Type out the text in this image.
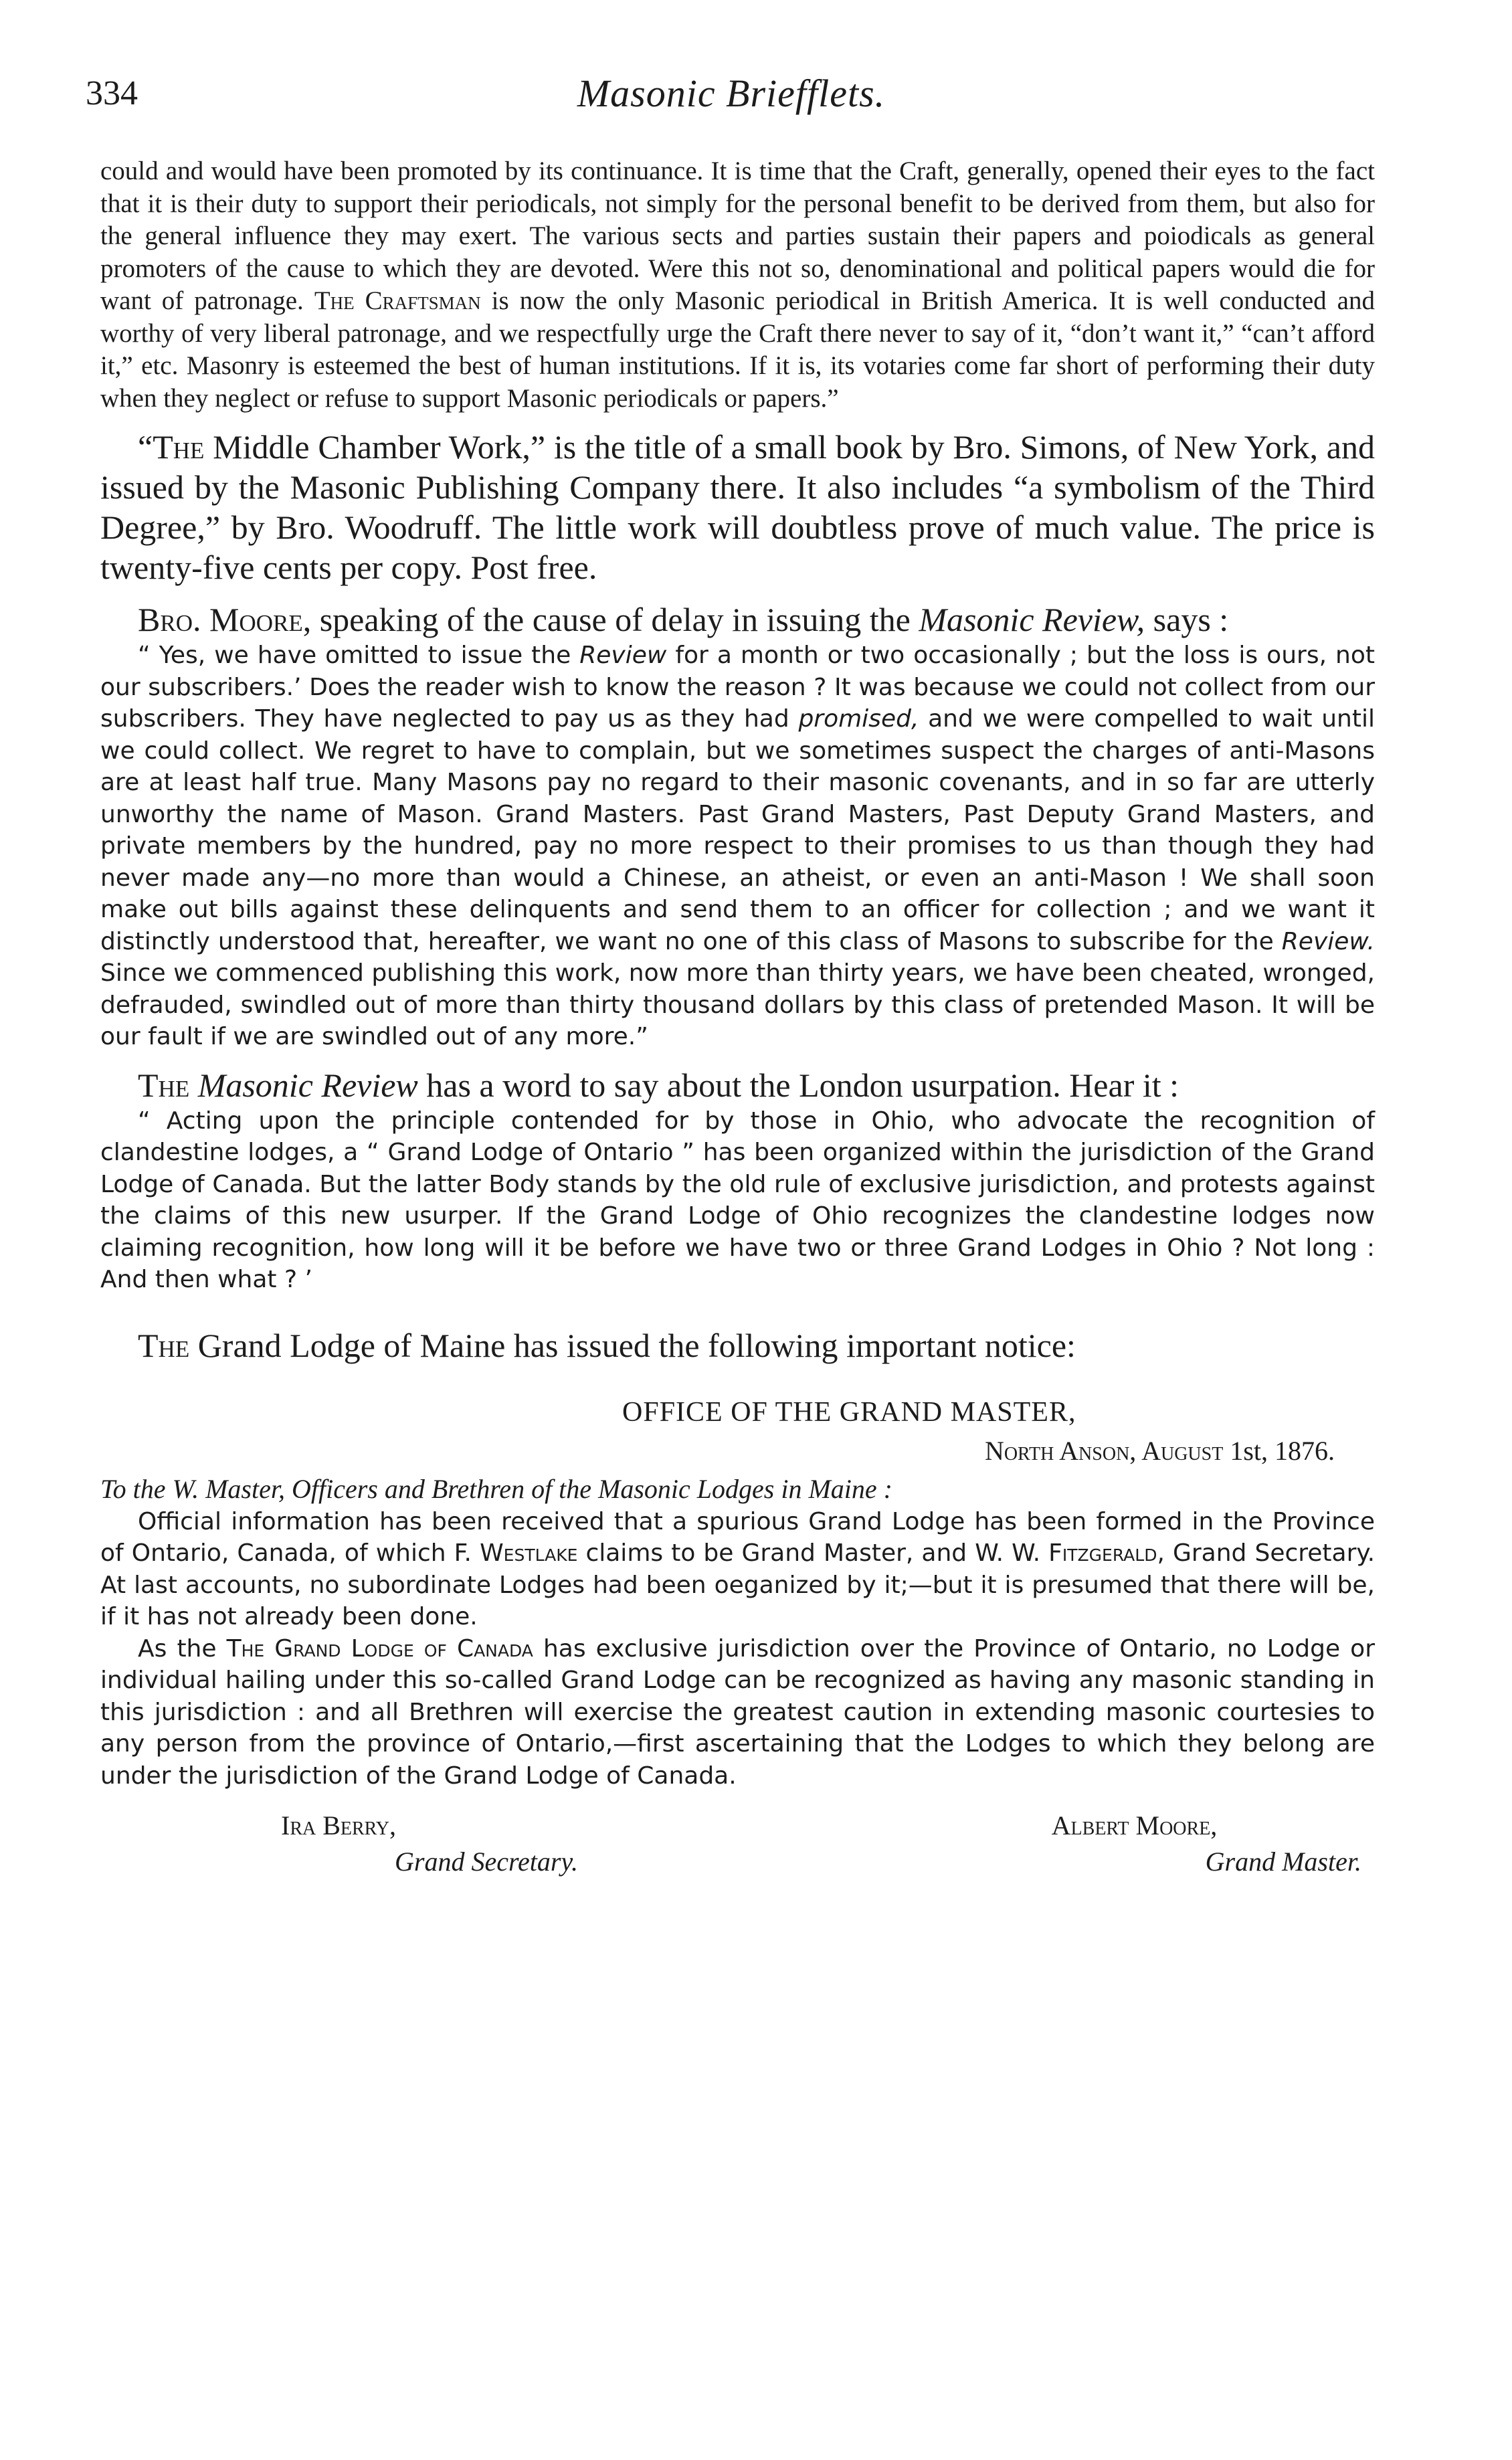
334	Masonic Briefflets.

could and would have been promoted by its continuance. It is time that the Craft, generally, opened their eyes to the fact that it is their duty to support their periodicals, not simply for the personal benefit to be derived from them, but also for the general influence they may exert. The various sects and parties sustain their papers and poiodicals as general promoters of the cause to which they are devoted. Were this not so, denominational and political papers would die for want of patronage. The Craftsman is now the only Masonic periodical in British America. It is well conducted and worthy of very liberal patronage, and we respectfully urge the Craft there never to say of it, “don’t want it,” “can’t afford it,” etc. Masonry is esteemed the best of human institutions. If it is, its votaries come far short of performing their duty when they neglect or refuse to support Masonic periodicals or papers.”

“The Middle Chamber Work,” is the title of a small book by Bro. Simons, of New York, and issued by the Masonic Publishing Company there. It also includes “a symbolism of the Third Degree,” by Bro. Woodruff. The little work will doubtless prove of much value. The price is twenty-five cents per copy. Post free.

Bro. Moore, speaking of the cause of delay in issuing the Masonic Review, says :

“ Yes, we have omitted to issue the Review for a month or two occasionally ; but the loss is ours, not our subscribers.’ Does the reader wish to know the reason ? It was because we could not collect from our subscribers. They have neglected to pay us as they had promised, and we were compelled to wait until we could collect. We regret to have to complain, but we sometimes suspect the charges of anti-Masons are at least half true. Many Masons pay no regard to their masonic covenants, and in so far are utterly unworthy the name of Mason. Grand Masters. Past Grand Masters, Past Deputy Grand Masters, and private members by the hundred, pay no more respect to their promises to us than though they had never made any—no more than would a Chinese, an atheist, or even an anti-Mason ! We shall soon make out bills against these delinquents and send them to an officer for collection ; and we want it distinctly understood that, hereafter, we want no one of this class of Masons to subscribe for the Review. Since we commenced publishing this work, now more than thirty years, we have been cheated, wronged, defrauded, swindled out of more than thirty thousand dollars by this class of pretended Mason. It will be our fault if we are swindled out of any more.”

The Masonic Review has a word to say about the London usurpation. Hear it :

“ Acting upon the principle contended for by those in Ohio, who advocate the recognition of clandestine lodges, a “ Grand Lodge of Ontario ” has been organized within the jurisdiction of the Grand Lodge of Canada. But the latter Body stands by the old rule of exclusive jurisdiction, and protests against the claims of this new usurper. If the Grand Lodge of Ohio recognizes the clandestine lodges now claiming recognition, how long will it be before we have two or three Grand Lodges in Ohio ? Not long : And then what ? ’

The Grand Lodge of Maine has issued the following important notice:

OFFICE OF THE GRAND MASTER,
North Anson, August 1st, 1876.
To the W. Master, Officers and Brethren of the Masonic Lodges in Maine :

Official information has been received that a spurious Grand Lodge has been formed in the Province of Ontario, Canada, of which F. Westlake claims to be Grand Master, and W. W. Fitzgerald, Grand Secretary. At last accounts, no subordinate Lodges had been oeganized by it;—but it is presumed that there will be, if it has not already been done.

As the The Grand Lodge of Canada has exclusive jurisdiction over the Province of Ontario, no Lodge or individual hailing under this so-called Grand Lodge can be recognized as having any masonic standing in this jurisdiction : and all Brethren will exercise the greatest caution in extending masonic courtesies to any person from the province of Ontario,—first ascertaining that the Lodges to which they belong are under the jurisdiction of the Grand Lodge of Canada.

Ira Berry,
Grand Secretary.
Albert Moore,
Grand Master.
